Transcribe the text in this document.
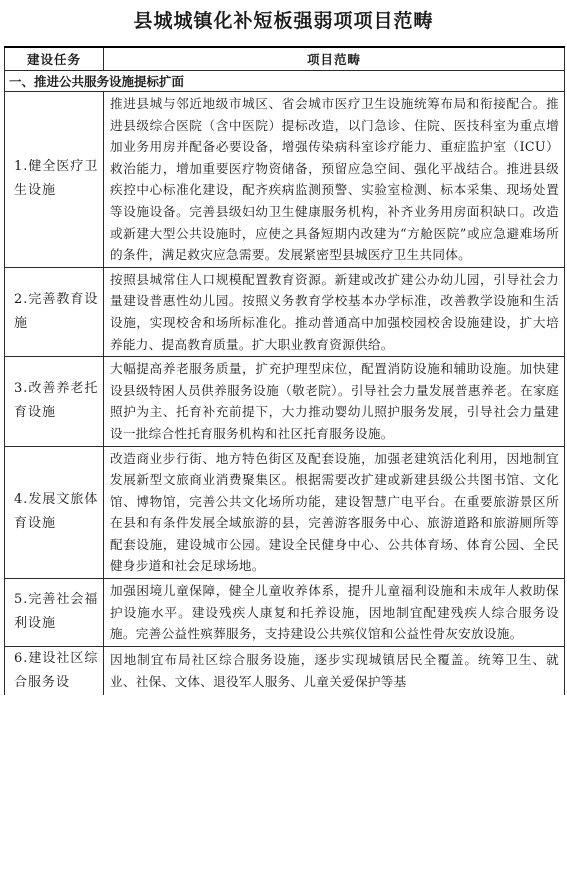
县城城镇化补短板强弱项项目范畴
建设任务	项目范畴
一、推进公共服务设施提标扩面	
1.健全医疗卫生设施	推进县城与邻近地级市城区、省会城市医疗卫生设施统筹布局和衔接配合。推进县级综合医院（含中医院）提标改造，以门急诊、住院、医技科室为重点增加业务用房并配备必要设备，增强传染病科室诊疗能力、重症监护室（ICU）救治能力，增加重要医疗物资储备，预留应急空间、强化平战结合。推进县级疾控中心标准化建设，配齐疾病监测预警、实验室检测、标本采集、现场处置等设施设备。完善县级妇幼卫生健康服务机构，补齐业务用房面积缺口。改造或新建大型公共设施时，应使之具备短期内改建为“方舱医院”或应急避难场所的条件，满足救灾应急需要。发展紧密型县城医疗卫生共同体。
2.完善教育设施	按照县城常住人口规模配置教育资源。新建或改扩建公办幼儿园，引导社会力量建设普惠性幼儿园。按照义务教育学校基本办学标准，改善教学设施和生活设施，实现校舍和场所标准化。推动普通高中加强校园校舍设施建设，扩大培养能力、提高教育质量。扩大职业教育资源供给。
3.改善养老托育设施	大幅提高养老服务质量，扩充护理型床位，配置消防设施和辅助设施。加快建设县级特困人员供养服务设施（敬老院）。引导社会力量发展普惠养老。在家庭照护为主、托育补充前提下，大力推动婴幼儿照护服务发展，引导社会力量建设一批综合性托育服务机构和社区托育服务设施。
4.发展文旅体育设施	改造商业步行街、地方特色街区及配套设施，加强老建筑活化利用，因地制宜发展新型文旅商业消费聚集区。根据需要改扩建或新建县级公共图书馆、文化馆、博物馆，完善公共文化场所功能，建设智慧广电平台。在重要旅游景区所在县和有条件发展全域旅游的县，完善游客服务中心、旅游道路和旅游厕所等配套设施，建设城市公园。建设全民健身中心、公共体育场、体育公园、全民健身步道和社会足球场地。
5.完善社会福利设施	加强困境儿童保障，健全儿童收养体系，提升儿童福利设施和未成年人救助保护设施水平。建设残疾人康复和托养设施，因地制宜配建残疾人综合服务设施。完善公益性殡葬服务，支持建设公共殡仪馆和公益性骨灰安放设施。
6.建设社区综合服务设	因地制宜布局社区综合服务设施，逐步实现城镇居民全覆盖。统筹卫生、就业、社保、文体、退役军人服务、儿童关爱保护等基
